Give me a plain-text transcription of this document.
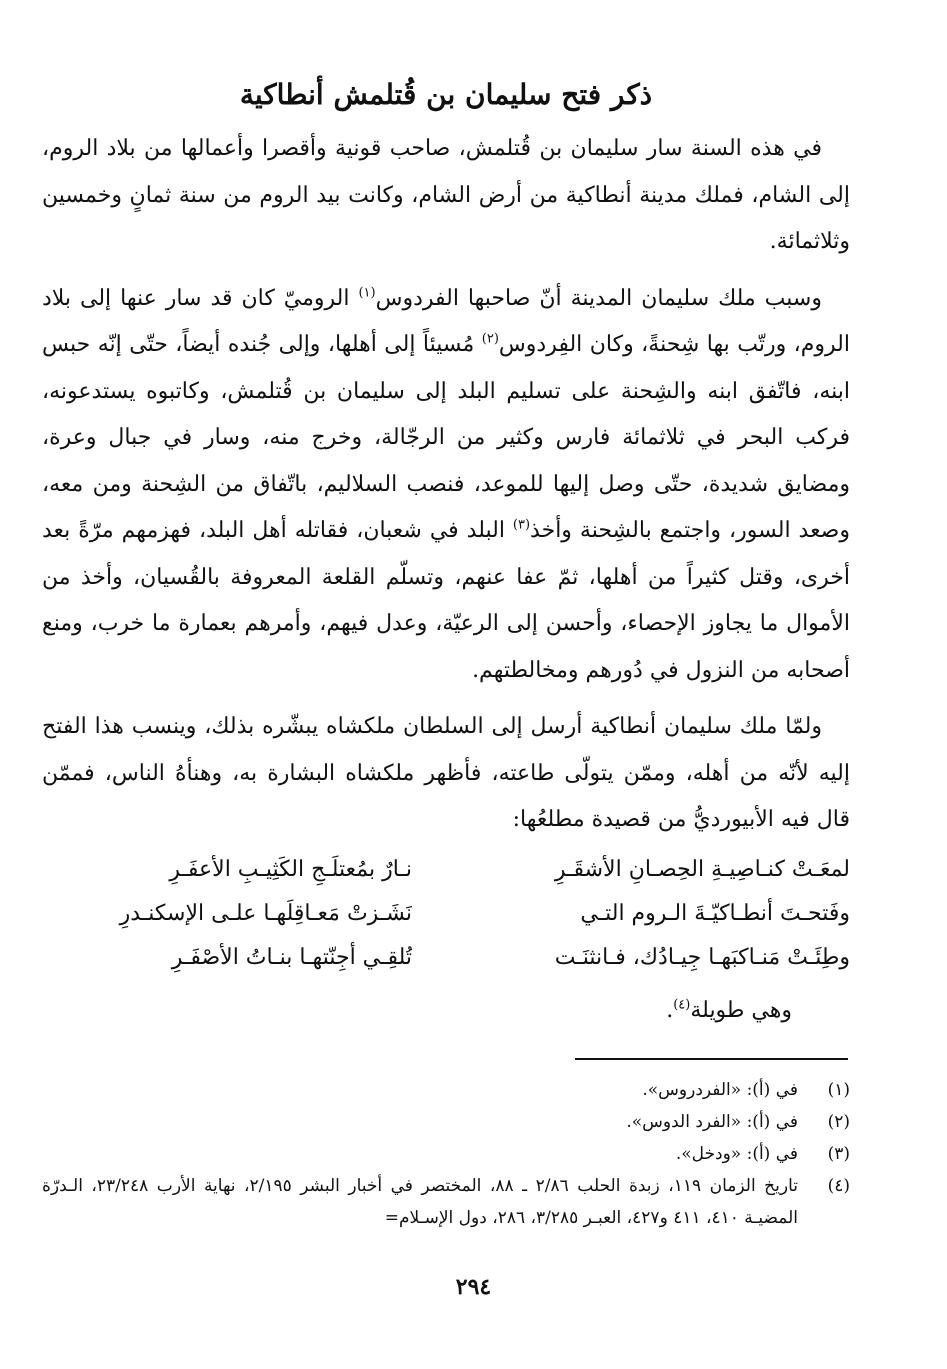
ذكر فتح سليمان بن قُتلمش أنطاكية

في هذه السنة سار سليمان بن قُتلمش، صاحب قونية وأقصرا وأعمالها من بلاد الروم، إلى الشام، فملك مدينة أنطاكية من أرض الشام، وكانت بيد الروم من سنة ثمانٍ وخمسين وثلاثمائة.

وسبب ملك سليمان المدينة أنّ صاحبها الفردوس$^{(١)}$ الروميّ كان قد سار عنها إلى بلاد الروم، ورتّب بها شِحنةً، وكان الفِردوس$^{(٢)}$ مُسيئاً إلى أهلها، وإلى جُنده أيضاً، حتّى إنّه حبس ابنه، فاتّفق ابنه والشِحنة على تسليم البلد إلى سليمان بن قُتلمش، وكاتبوه يستدعونه، فركب البحر في ثلاثمائة فارس وكثير من الرجّالة، وخرج منه، وسار في جبال وعرة، ومضايق شديدة، حتّى وصل إليها للموعد، فنصب السلاليم، باتّفاق من الشِحنة ومن معه، وصعد السور، واجتمع بالشِحنة وأخذ$^{(٣)}$ البلد في شعبان، فقاتله أهل البلد، فهزمهم مرّةً بعد أخرى، وقتل كثيراً من أهلها، ثمّ عفا عنهم، وتسلّم القلعة المعروفة بالقُسيان، وأخذ من الأموال ما يجاوز الإحصاء، وأحسن إلى الرعيّة، وعدل فيهم، وأمرهم بعمارة ما خرب، ومنع أصحابه من النزول في دُورهم ومخالطتهم.

ولمّا ملك سليمان أنطاكية أرسل إلى السلطان ملكشاه يبشّره بذلك، وينسب هذا الفتح إليه لأنّه من أهله، وممّن يتولّى طاعته، فأظهر ملكشاه البشارة به، وهنأهُ الناس، فممّن قال فيه الأبيورديُّ من قصيدة مطلعُها:

لمعَـتْ كنـاصِيـةِ الحِصـانِ الأشقَـرِ
نـارٌ بمُعتلَـجِ الكَثِيـبِ الأعفَـرِ
وفَتحـتَ أنطـاكيّـةَ الـروم التـي
نَشَـزتْ مَعـاقِلَهـا علـى الإسكنـدرِ
وطِئَـتْ مَنـاكبَهـا جِيـادُك، فـانثنَـت
تُلقِـي أجِنّتهـا بنـاتُ الأصْفَـرِ
وهي طويلة$^{(٤)}$.
(١)
في (أ): «الفردروس».
(٢)
في (أ): «الفرد الدوس».
(٣)
في (أ): «ودخل».
(٤)
تاريخ الزمان ١١٩، زبدة الحلب ٢/٨٦ ـ ٨٨، المختصر في أخبار البشر ٢/١٩٥، نهاية الأرب ٢٣/٢٤٨، الـدرّة المضيـة ٤١٠، ٤١١ و٤٢٧، العبـر ٣/٢٨٥، ٢٨٦، دول الإسـلام=
٢٩٤
